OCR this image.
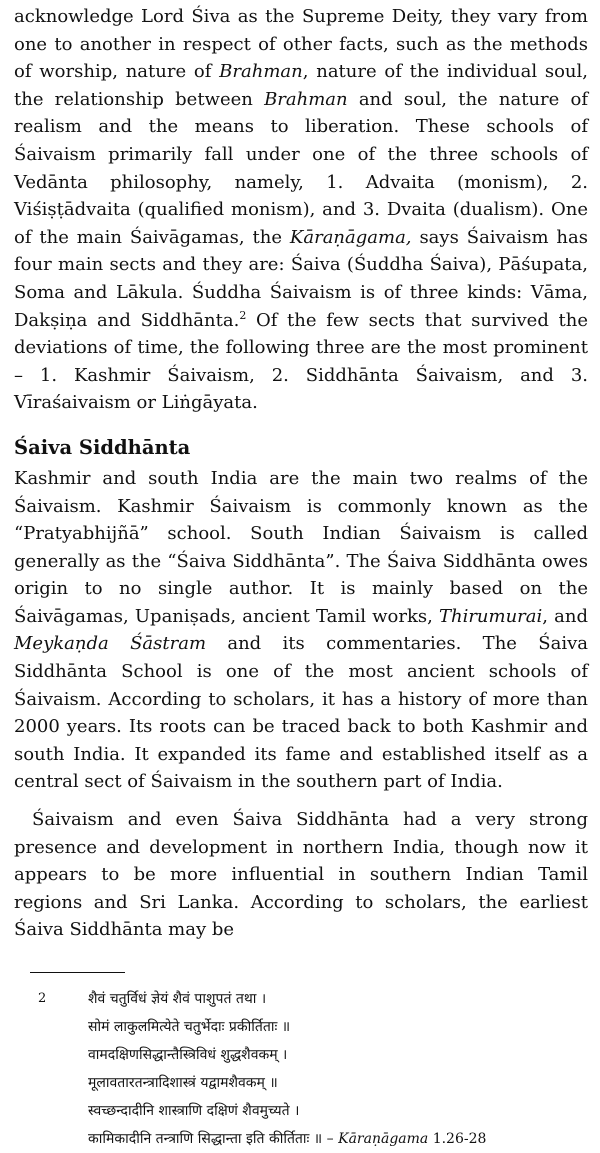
acknowledge Lord Śiva as the Supreme Deity, they vary from one to another in respect of other facts, such as the methods of worship, nature of Brahman, nature of the individual soul, the relationship between Brahman and soul, the nature of realism and the means to liberation. These schools of Śaivaism primarily fall under one of the three schools of Vedānta philosophy, namely, 1. Advaita (monism), 2. Viśiṣṭādvaita (qualified monism), and 3. Dvaita (dualism). One of the main Śaivāgamas, the Kāraṇāgama, says Śaivaism has four main sects and they are: Śaiva (Śuddha Śaiva), Pāśupata, Soma and Lākula. Śuddha Śaivaism is of three kinds: Vāma, Dakṣiṇa and Siddhānta.$^2$ Of the few sects that survived the deviations of time, the following three are the most prominent – 1. Kashmir Śaivaism, 2. Siddhānta Śaivaism, and 3. Vīraśaivaism or Liṅgāyata.

Śaiva Siddhānta

Kashmir and south India are the main two realms of the Śaivaism. Kashmir Śaivaism is commonly known as the “Pratyabhijñā” school. South Indian Śaivaism is called generally as the “Śaiva Siddhānta”. The Śaiva Siddhānta owes origin to no single author. It is mainly based on the Śaivāgamas, Upaniṣads, ancient Tamil works, Thirumurai, and Meykaṇda Śāstram and its commentaries. The Śaiva Siddhānta School is one of the most ancient schools of Śaivaism. According to scholars, it has a history of more than 2000 years. Its roots can be traced back to both Kashmir and south India. It expanded its fame and established itself as a central sect of Śaivaism in the southern part of India.

Śaivaism and even Śaiva Siddhānta had a very strong presence and development in northern India, though now it appears to be more influential in southern Indian Tamil regions and Sri Lanka. According to scholars, the earliest Śaiva Siddhānta may be

2	शैवं चतुर्विधं ज्ञेयं शैवं पाशुपतं तथा ।
सोमं लाकुलमित्येते चतुर्भेदाः प्रकीर्तिताः ॥
वामदक्षिणसिद्धान्तैस्त्रिविधं शुद्धशैवकम् ।
मूलावतारतन्त्रादिशास्त्रं यद्वामशैवकम् ॥
स्वच्छन्दादीनि शास्त्राणि दक्षिणं शैवमुच्यते ।
कामिकादीनि तन्त्राणि सिद्धान्ता इति कीर्तिताः ॥ – Kāraṇāgama 1.26-28
